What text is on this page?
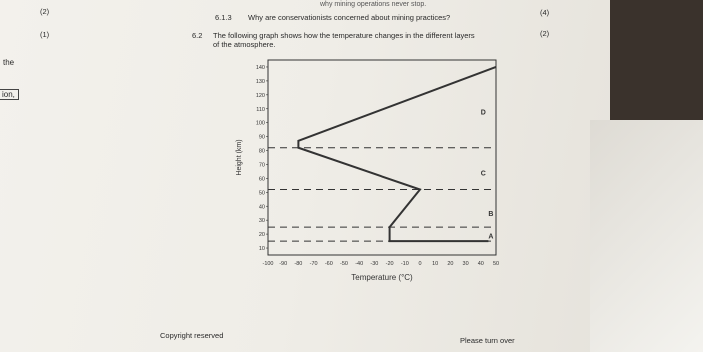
why mining operations never stop.
(2)	(4)
6.1.3 Why are conservationists concerned about mining practices?
(1)	(2)
6.2 The following graph shows how the temperature changes in the different layers
of the atmosphere.
the
ion,
10
20
30
40
50
60
70
80
90
100
110
120
130
140
-100 -90 -80 -70 -60 -50 -40 -30 -20 -10 0 10 20 30 40 50
A
B
C
D
Height (km)
Temperature (°C)
Copyright reserved
Please turn over
